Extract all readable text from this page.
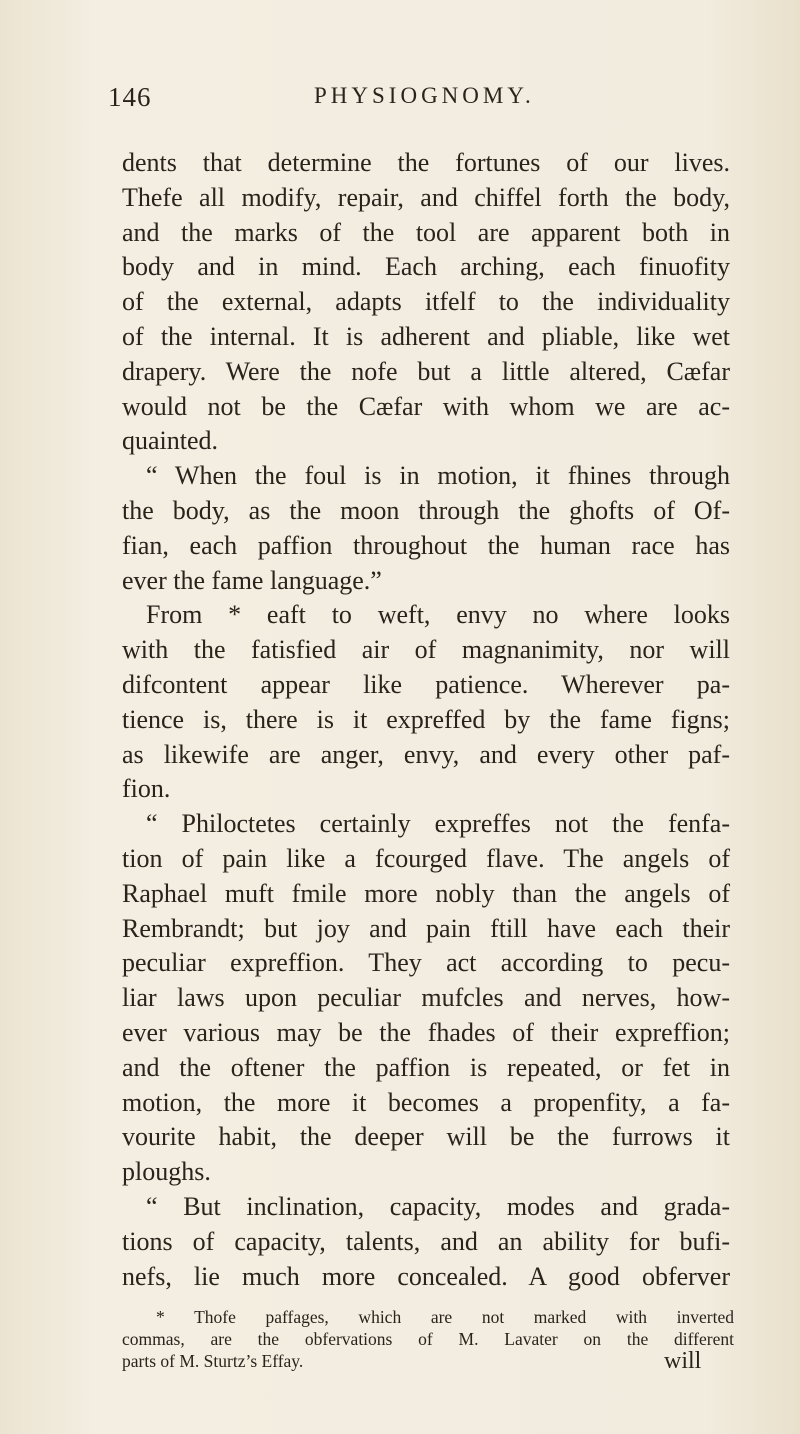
146	PHYSIOGNOMY.
dents that determine the fortunes of our lives.
Thefe all modify, repair, and chiffel forth the body,
and the marks of the tool are apparent both in
body and in mind. Each arching, each finuofity
of the external, adapts itfelf to the individuality
of the internal. It is adherent and pliable, like wet
drapery. Were the nofe but a little altered, Cæfar
would not be the Cæfar with whom we are ac-
quainted.
“ When the foul is in motion, it fhines through
the body, as the moon through the ghofts of Of-
fian, each paffion throughout the human race has
ever the fame language.”
From * eaft to weft, envy no where looks
with the fatisfied air of magnanimity, nor will
difcontent appear like patience. Wherever pa-
tience is, there is it expreffed by the fame figns;
as likewife are anger, envy, and every other paf-
fion.
“ Philoctetes certainly expreffes not the fenfa-
tion of pain like a fcourged flave. The angels of
Raphael muft fmile more nobly than the angels of
Rembrandt; but joy and pain ftill have each their
peculiar expreffion. They act according to pecu-
liar laws upon peculiar mufcles and nerves, how-
ever various may be the fhades of their expreffion;
and the oftener the paffion is repeated, or fet in
motion, the more it becomes a propenfity, a fa-
vourite habit, the deeper will be the furrows it
ploughs.
“ But inclination, capacity, modes and grada-
tions of capacity, talents, and an ability for bufi-
nefs, lie much more concealed. A good obferver
* Thofe paffages, which are not marked with inverted
commas, are the obfervations of M. Lavater on the different
parts of M. Sturtz’s Effay.	will
